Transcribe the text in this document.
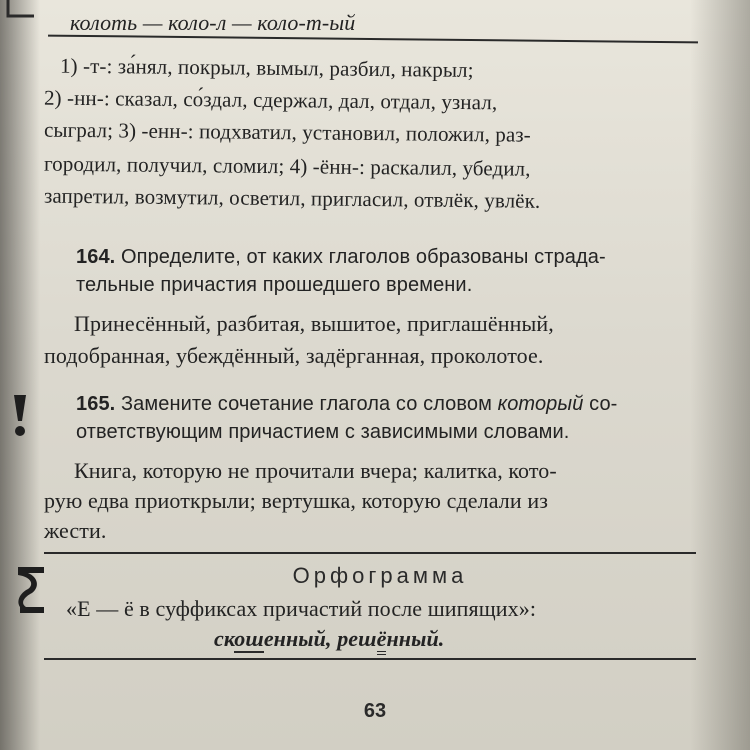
колоть — коло-л — коло-т-ый
1) -т-: за́нял, покрыл, вымыл, разбил, накрыл;
2) -нн-: сказал, со́здал, сдержал, дал, отдал, узнал,
сыграл; 3) -енн-: подхватил, установил, положил, раз-
городил, получил, сломил; 4) -ённ-: раскалил, убедил,
запретил, возмутил, осветил, пригласил, отвлёк, увлёк.
164. Определите, от каких глаголов образованы страда-
тельные причастия прошедшего времени.
Принесённый, разбитая, вышитое, приглашённый,
подобранная, убеждённый, задёрганная, проколотое.
165. Замените сочетание глагола со словом который со-
ответствующим причастием с зависимыми словами.
Книга, которую не прочитали вчера; калитка, кото-
рую едва приоткрыли; вертушка, которую сделали из
жести.
Орфограмма
«Е — ё в суффиксах причастий после шипящих»:
скошенный, решённый.
63
